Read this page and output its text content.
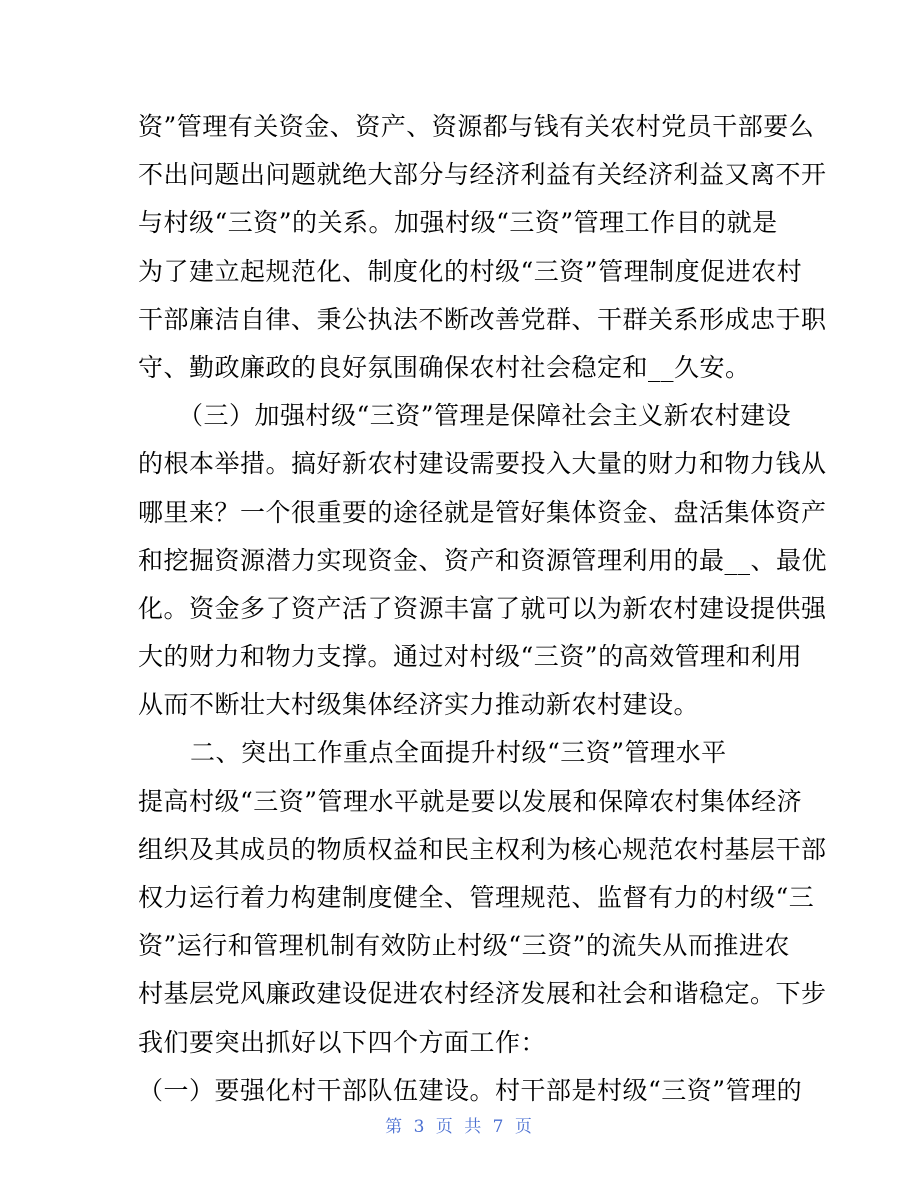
资”管理有关资金、资产、资源都与钱有关农村党员干部要么
不出问题出问题就绝大部分与经济利益有关经济利益又离不开
与村级“三资”的关系。加强村级“三资”管理工作目的就是
为了建立起规范化、制度化的村级“三资”管理制度促进农村
干部廉洁自律、秉公执法不断改善党群、干群关系形成忠于职
守、勤政廉政的良好氛围确保农村社会稳定和__久安。
（三）加强村级“三资”管理是保障社会主义新农村建设
的根本举措。搞好新农村建设需要投入大量的财力和物力钱从
哪里来？一个很重要的途径就是管好集体资金、盘活集体资产
和挖掘资源潜力实现资金、资产和资源管理利用的最__、最优
化。资金多了资产活了资源丰富了就可以为新农村建设提供强
大的财力和物力支撑。通过对村级“三资”的高效管理和利用
从而不断壮大村级集体经济实力推动新农村建设。
二、突出工作重点全面提升村级“三资”管理水平
提高村级“三资”管理水平就是要以发展和保障农村集体经济
组织及其成员的物质权益和民主权利为核心规范农村基层干部
权力运行着力构建制度健全、管理规范、监督有力的村级“三
资”运行和管理机制有效防止村级“三资”的流失从而推进农
村基层党风廉政建设促进农村经济发展和社会和谐稳定。下步
我们要突出抓好以下四个方面工作：
（一）要强化村干部队伍建设。村干部是村级“三资”管理的
第 3 页 共 7 页
